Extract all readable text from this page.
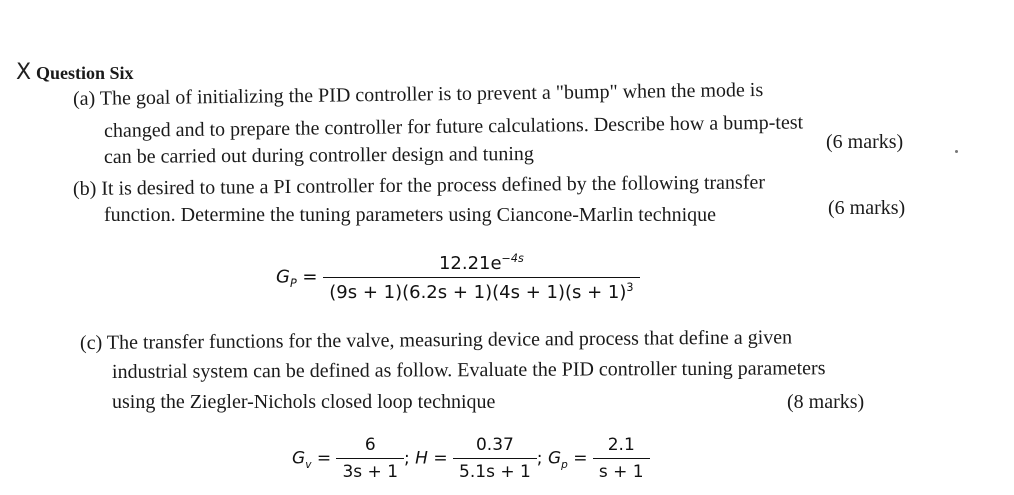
X Question Six
(a) The goal of initializing the PID controller is to prevent a "bump" when the mode is
changed and to prepare the controller for future calculations. Describe how a bump-test
can be carried out during controller design and tuning
(6 marks)
(b) It is desired to tune a PI controller for the process defined by the following transfer
function. Determine the tuning parameters using Ciancone-Marlin technique	(6 marks)
$G_P = \frac{12.21e^{-4s}}{(9s + 1)(6.2s + 1)(4s + 1)(s + 1)^3}$
(c) The transfer functions for the valve, measuring device and process that define a given
industrial system can be defined as follow. Evaluate the PID controller tuning parameters
using the Ziegler-Nichols closed loop technique	(8 marks)
$G_v = \frac{6}{3s + 1}$ ; $H = \frac{0.37}{5.1s + 1}$ ; $G_p = \frac{2.1}{s + 1}$
